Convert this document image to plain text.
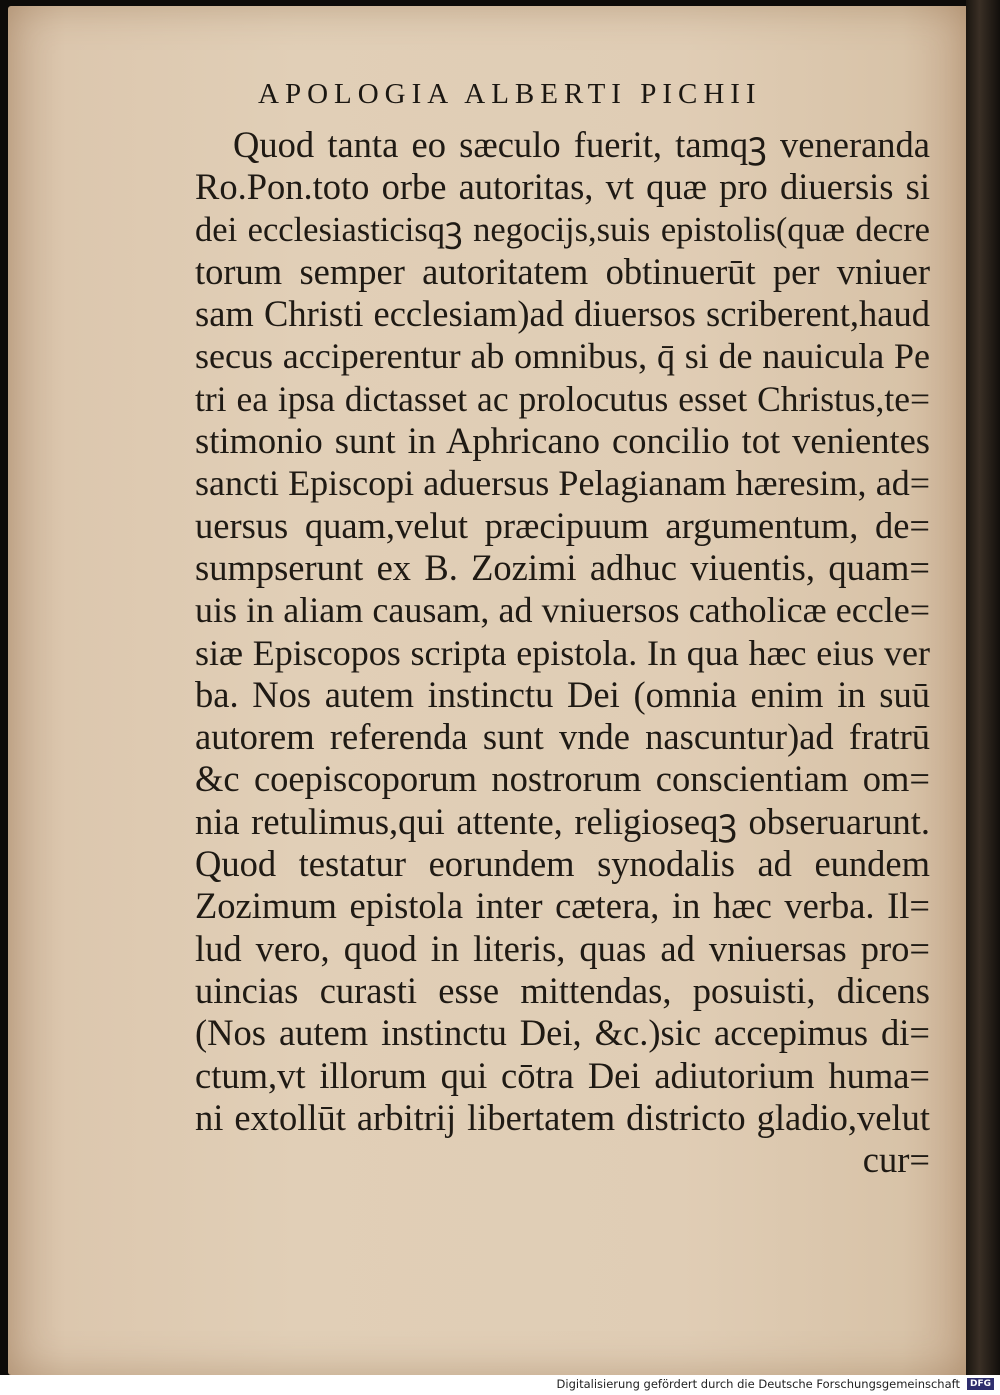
APOLOGIA ALBERTI PICHII
Quod tanta eo sæculo fuerit, tamqꝫ veneranda
Ro.Pon.toto orbe autoritas, vt quæ pro diuersis si
dei ecclesiasticisqꝫ negocijs,suis epistolis(quæ decre
torum semper autoritatem obtinuerūt per vniuer
sam Christi ecclesiam)ad diuersos scriberent,haud
secus acciperentur ab omnibus, q̄ si de nauicula Pe
tri ea ipsa dictasset ac prolocutus esset Christus,te=
stimonio sunt in Aphricano concilio tot venientes
sancti Episcopi aduersus Pelagianam hæresim, ad=
uersus quam,velut præcipuum argumentum, de=
sumpserunt ex B. Zozimi adhuc viuentis, quam=
uis in aliam causam, ad vniuersos catholicæ eccle=
siæ Episcopos scripta epistola. In qua hæc eius ver
ba. Nos autem instinctu Dei (omnia enim in suū
autorem referenda sunt vnde nascuntur)ad fratrū
&c coepiscoporum nostrorum conscientiam om=
nia retulimus,qui attente, religioseqꝫ obseruarunt.
Quod testatur eorundem synodalis ad eundem
Zozimum epistola inter cætera, in hæc verba. Il=
lud vero, quod in literis, quas ad vniuersas pro=
uincias curasti esse mittendas, posuisti, dicens
(Nos autem instinctu Dei, &c.)sic accepimus di=
ctum,vt illorum qui cōtra Dei adiutorium huma=
ni extollūt arbitrij libertatem districto gladio,velut
cur=
Digitalisierung gefördert durch die Deutsche Forschungsgemeinschaft	DFG
